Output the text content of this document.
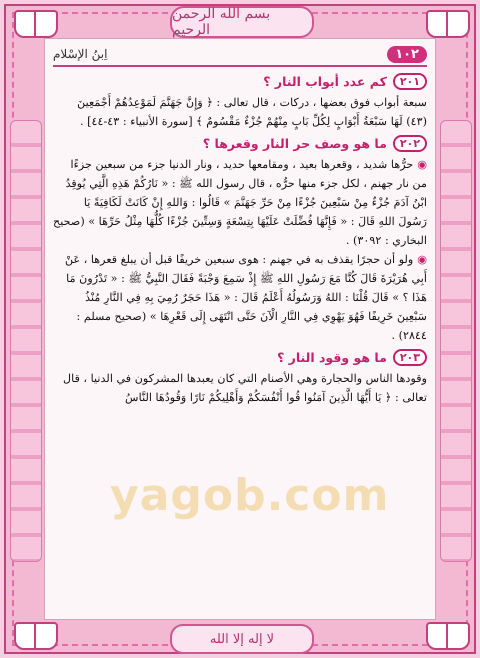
بسم الله الرحمن الرحيم
لا إله إلا الله
١٠٢
اِبنُ الإسْلام
٢٠١
كم عدد أبواب النار ؟

سبعة أبواب فوق بعضها ، دركات ، قال تعالى : ﴿ وَإِنَّ جَهَنَّمَ لَمَوْعِدُهُمْ أَجْمَعِينَ (٤٣) لَهَا سَبْعَةُ أَبْوَابٍ لِكُلِّ بَابٍ مِنْهُمْ جُزْءٌ مَقْسُومٌ ﴾ [سورة الأنبياء : ٤٣-٤٤] .

٢٠٢
ما هو وصف حر النار وقعرها ؟

◉ حرُّها شديد ، وقعرها بعيد ، ومقامعها حديد ، ونار الدنيا جزء من سبعين جزءًا من نار جهنم ، لكل جزء منها حرُّه ، قال رسول الله ﷺ : « نَارُكُمْ هَذِهِ الَّتِي يُوقِدُ ابْنُ آدَمَ جُزْءٌ مِنْ سَبْعِينَ جُزْءًا مِنْ حَرِّ جَهَنَّمَ » قَالُوا : وَاللهِ إِنْ كَانَتْ لَكَافِيَةً يَا رَسُولَ اللهِ قَالَ : « فَإِنَّهَا فُضِّلَتْ عَلَيْهَا بِتِسْعَةٍ وَسِتِّينَ جُزْءًا كُلُّهَا مِثْلُ حَرِّهَا » (صحيح البخاري : ٣٠٩٢) .

◉ ولو أن حجرًا يقذف به في جهنم : هوى سبعين خريفًا قبل أن يبلغ قعرها ، عَنْ أَبِي هُرَيْرَةَ قَالَ كُنَّا مَعَ رَسُولِ اللهِ ﷺ إِذْ سَمِعَ وَجْبَةً فَقَالَ النَّبِيُّ ﷺ : « تَدْرُونَ مَا هَذَا ؟ » قَالَ قُلْنَا : اللهُ وَرَسُولُهُ أَعْلَمُ قَالَ : « هَذَا حَجَرٌ رُمِيَ بِهِ فِي النَّارِ مُنْذُ سَبْعِينَ خَرِيفًا فَهُوَ يَهْوِي فِي النَّارِ الْآنَ حَتَّى انْتَهَى إِلَى قَعْرِهَا » (صحيح مسلم : ٢٨٤٤) .

٢٠٣
ما هو وقود النار ؟

وقودها الناس والحجارة وهي الأصنام التي كان يعبدها المشركون في الدنيا ، قال تعالى : ﴿ يَا أَيُّهَا الَّذِينَ آمَنُوا قُوا أَنْفُسَكُمْ وَأَهْلِيكُمْ نَارًا وَقُودُهَا النَّاسُ

yagob.com
